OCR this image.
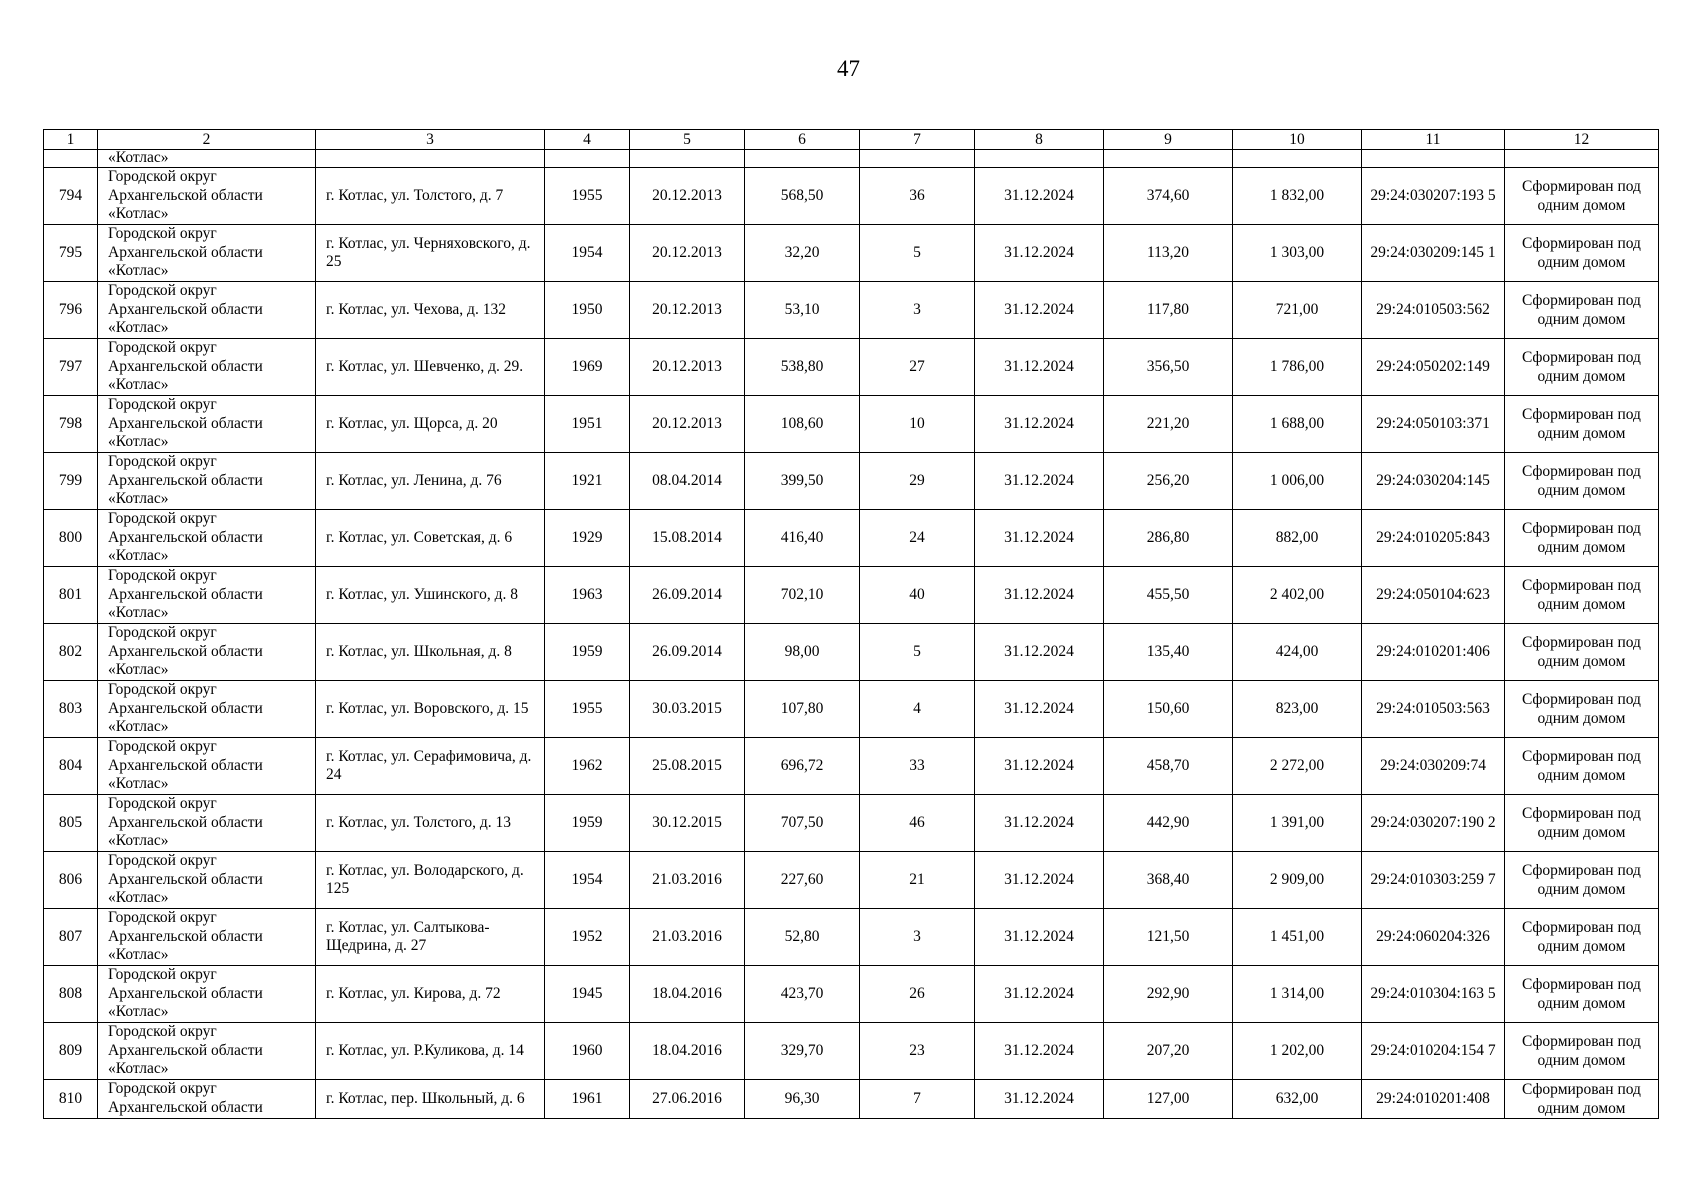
47
1	2	3	4	5	6	7	8	9	10	11	12
	«Котлас»										
794	Городской округ
Архангельской области
«Котлас»	г. Котлас, ул. Толстого, д. 7	1955	20.12.2013	568,50	36	31.12.2024	374,60	1 832,00	29:24:030207:193 5	Сформирован под одним домом
795	Городской округ
Архангельской области
«Котлас»	г. Котлас, ул. Черняховского, д. 25	1954	20.12.2013	32,20	5	31.12.2024	113,20	1 303,00	29:24:030209:145 1	Сформирован под одним домом
796	Городской округ
Архангельской области
«Котлас»	г. Котлас, ул. Чехова, д. 132	1950	20.12.2013	53,10	3	31.12.2024	117,80	721,00	29:24:010503:562	Сформирован под одним домом
797	Городской округ
Архангельской области
«Котлас»	г. Котлас, ул. Шевченко, д. 29.	1969	20.12.2013	538,80	27	31.12.2024	356,50	1 786,00	29:24:050202:149	Сформирован под одним домом
798	Городской округ
Архангельской области
«Котлас»	г. Котлас, ул. Щорса, д. 20	1951	20.12.2013	108,60	10	31.12.2024	221,20	1 688,00	29:24:050103:371	Сформирован под одним домом
799	Городской округ
Архангельской области
«Котлас»	г. Котлас, ул. Ленина, д. 76	1921	08.04.2014	399,50	29	31.12.2024	256,20	1 006,00	29:24:030204:145	Сформирован под одним домом
800	Городской округ
Архангельской области
«Котлас»	г. Котлас, ул. Советская, д. 6	1929	15.08.2014	416,40	24	31.12.2024	286,80	882,00	29:24:010205:843	Сформирован под одним домом
801	Городской округ
Архангельской области
«Котлас»	г. Котлас, ул. Ушинского, д. 8	1963	26.09.2014	702,10	40	31.12.2024	455,50	2 402,00	29:24:050104:623	Сформирован под одним домом
802	Городской округ
Архангельской области
«Котлас»	г. Котлас, ул. Школьная, д. 8	1959	26.09.2014	98,00	5	31.12.2024	135,40	424,00	29:24:010201:406	Сформирован под одним домом
803	Городской округ
Архангельской области
«Котлас»	г. Котлас, ул. Воровского, д. 15	1955	30.03.2015	107,80	4	31.12.2024	150,60	823,00	29:24:010503:563	Сформирован под одним домом
804	Городской округ
Архангельской области
«Котлас»	г. Котлас, ул. Серафимовича, д. 24	1962	25.08.2015	696,72	33	31.12.2024	458,70	2 272,00	29:24:030209:74	Сформирован под одним домом
805	Городской округ
Архангельской области
«Котлас»	г. Котлас, ул. Толстого, д. 13	1959	30.12.2015	707,50	46	31.12.2024	442,90	1 391,00	29:24:030207:190 2	Сформирован под одним домом
806	Городской округ
Архангельской области
«Котлас»	г. Котлас, ул. Володарского, д. 125	1954	21.03.2016	227,60	21	31.12.2024	368,40	2 909,00	29:24:010303:259 7	Сформирован под одним домом
807	Городской округ
Архангельской области
«Котлас»	г. Котлас, ул. Салтыкова-Щедрина, д. 27	1952	21.03.2016	52,80	3	31.12.2024	121,50	1 451,00	29:24:060204:326	Сформирован под одним домом
808	Городской округ
Архангельской области
«Котлас»	г. Котлас, ул. Кирова, д. 72	1945	18.04.2016	423,70	26	31.12.2024	292,90	1 314,00	29:24:010304:163 5	Сформирован под одним домом
809	Городской округ
Архангельской области
«Котлас»	г. Котлас, ул. Р.Куликова, д. 14	1960	18.04.2016	329,70	23	31.12.2024	207,20	1 202,00	29:24:010204:154 7	Сформирован под одним домом
810	Городской округ
Архангельской области	г. Котлас, пер. Школьный, д. 6	1961	27.06.2016	96,30	7	31.12.2024	127,00	632,00	29:24:010201:408	Сформирован под одним домом
